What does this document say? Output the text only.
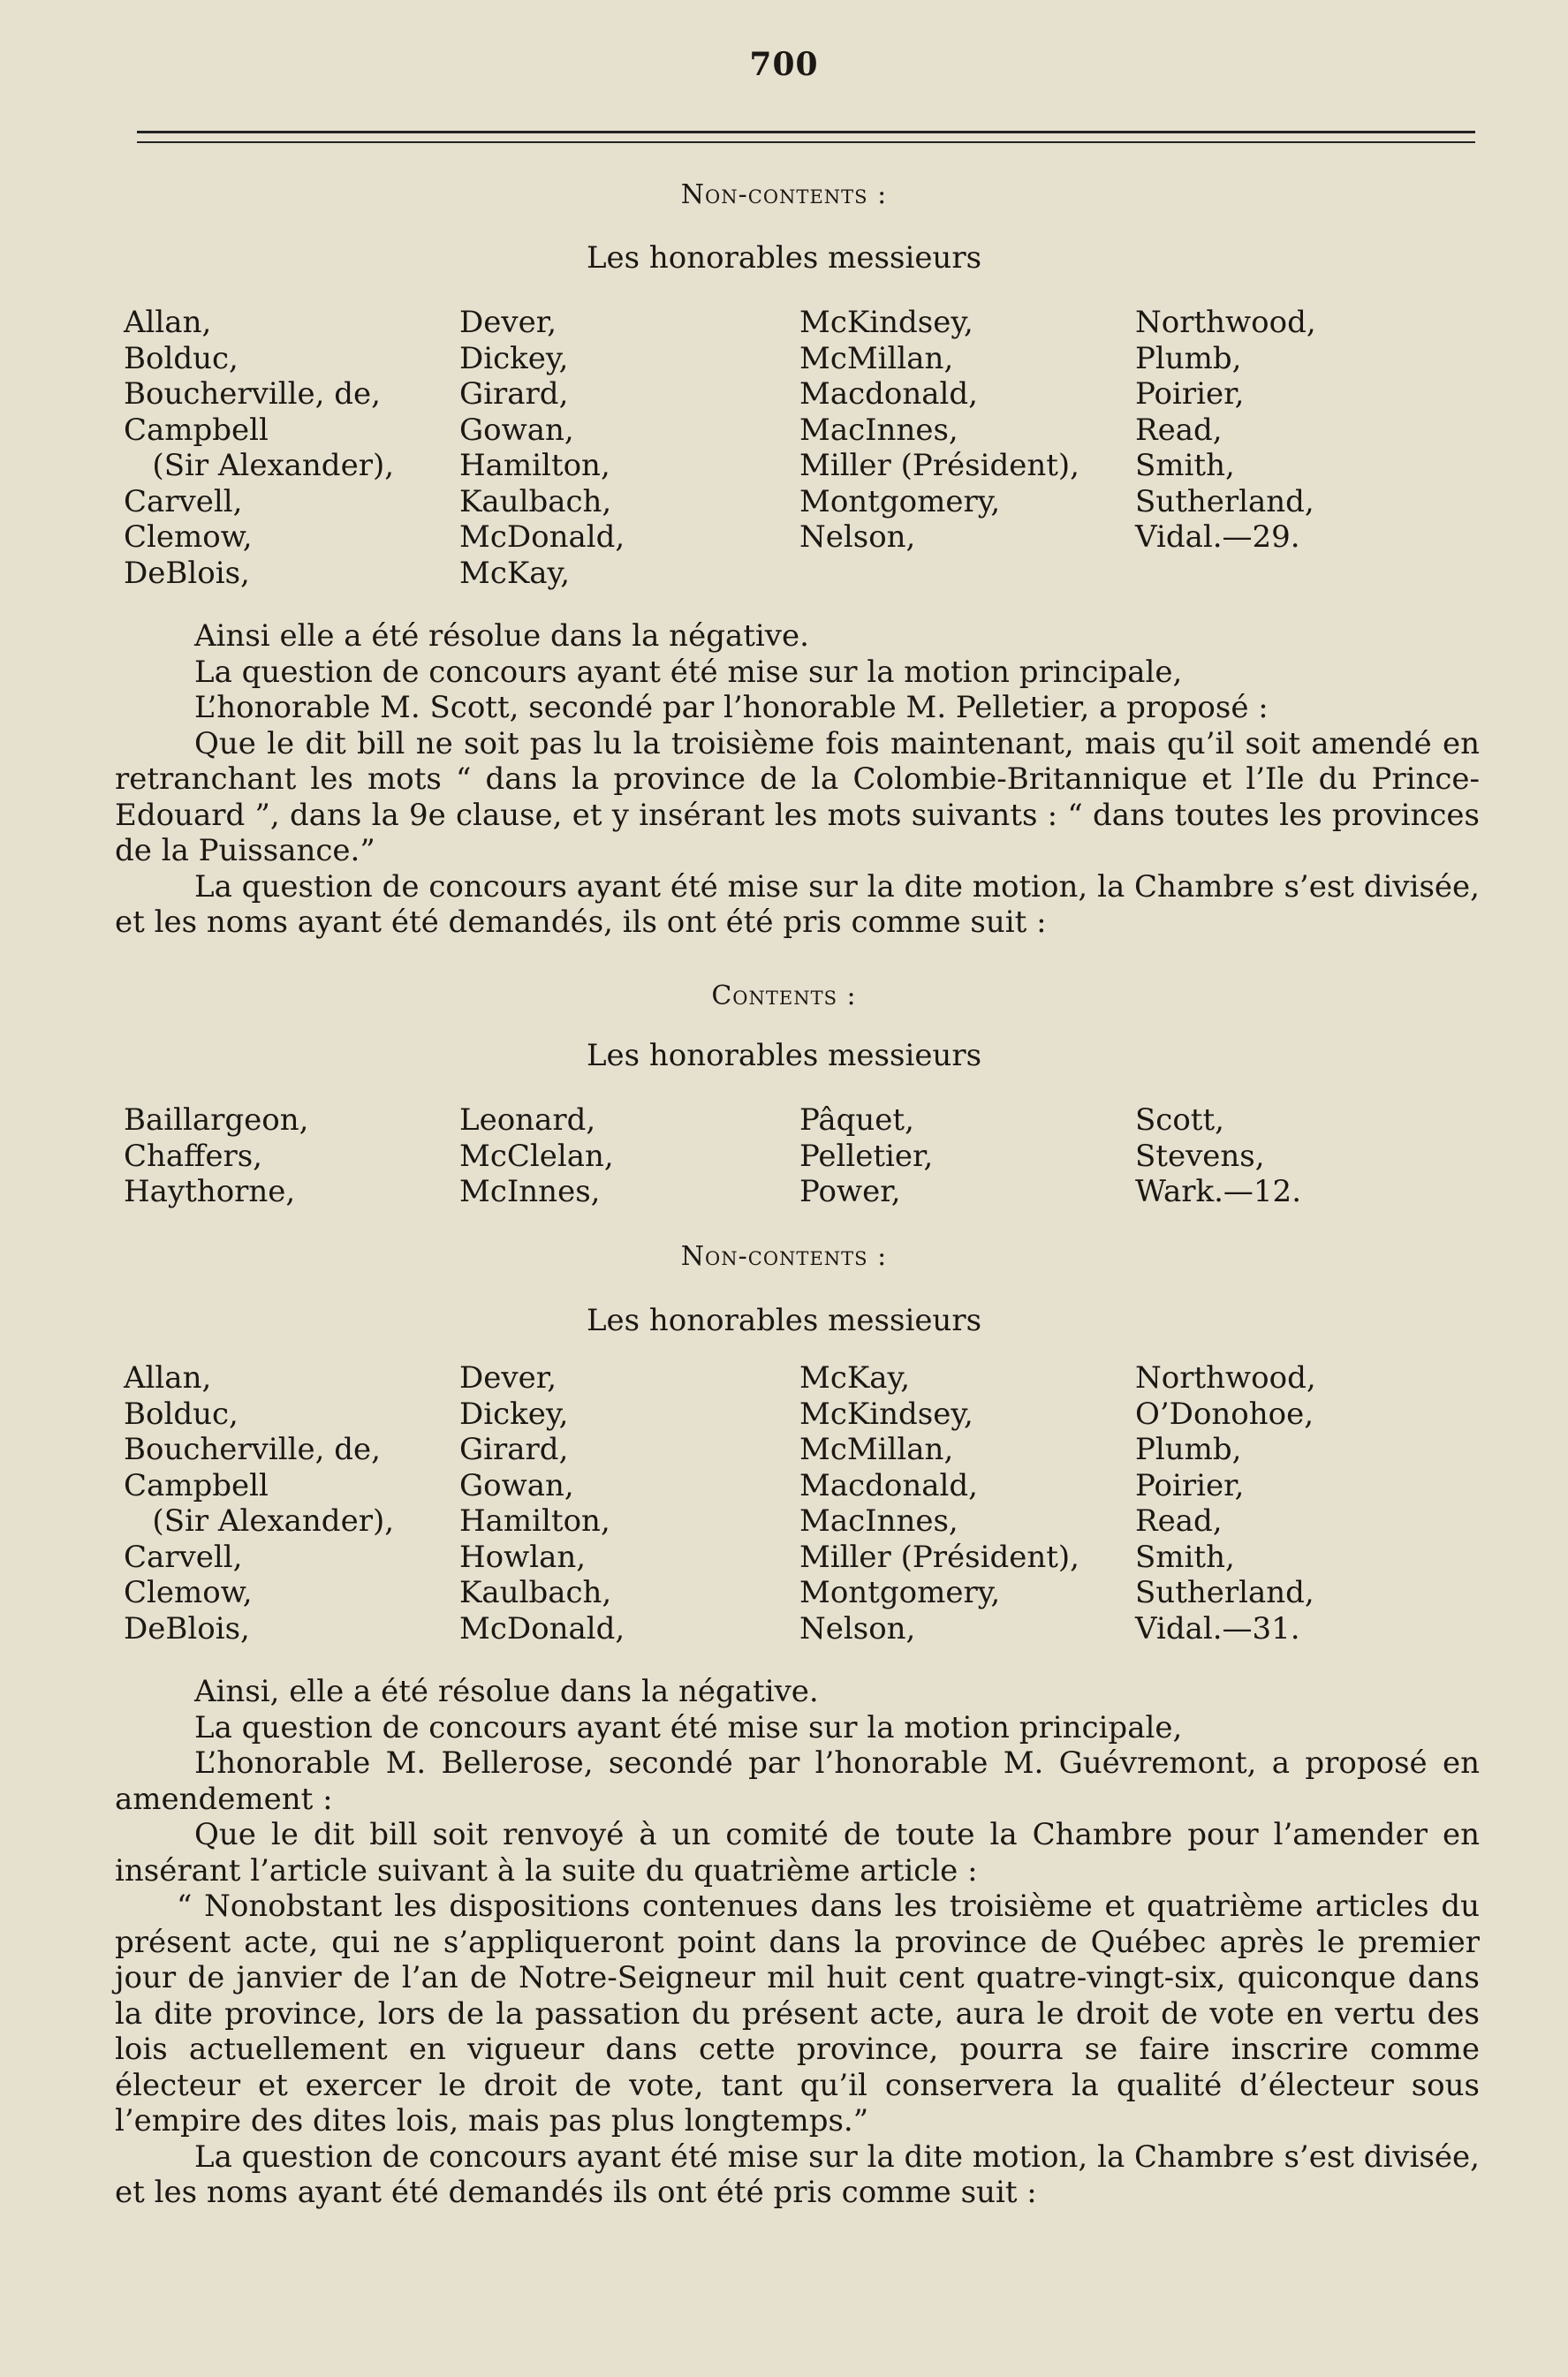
700
Non-contents :
Les honorables messieurs
Allan,
Bolduc,
Boucherville, de,
Campbell
(Sir Alexander),
Carvell,
Clemow,
DeBlois,
Dever,
Dickey,
Girard,
Gowan,
Hamilton,
Kaulbach,
McDonald,
McKay,
McKindsey,
McMillan,
Macdonald,
MacInnes,
Miller (Président),
Montgomery,
Nelson,
Northwood,
Plumb,
Poirier,
Read,
Smith,
Sutherland,
Vidal.—29.

Ainsi elle a été résolue dans la négative.

La question de concours ayant été mise sur la motion principale,

L’honorable M. Scott, secondé par l’honorable M. Pelletier, a proposé :

Que le dit bill ne soit pas lu la troisième fois maintenant, mais qu’il soit amendé en retranchant les mots “ dans la province de la Colombie-Britannique et l’Ile du Prince-Edouard ”, dans la 9e clause, et y insérant les mots suivants : “ dans toutes les provinces de la Puissance.”

La question de concours ayant été mise sur la dite motion, la Chambre s’est divisée, et les noms ayant été demandés, ils ont été pris comme suit :

Contents :
Les honorables messieurs
Baillargeon,
Chaffers,
Haythorne,
Leonard,
McClelan,
McInnes,
Pâquet,
Pelletier,
Power,
Scott,
Stevens,
Wark.—12.
Non-contents :
Les honorables messieurs
Allan,
Bolduc,
Boucherville, de,
Campbell
(Sir Alexander),
Carvell,
Clemow,
DeBlois,
Dever,
Dickey,
Girard,
Gowan,
Hamilton,
Howlan,
Kaulbach,
McDonald,
McKay,
McKindsey,
McMillan,
Macdonald,
MacInnes,
Miller (Président),
Montgomery,
Nelson,
Northwood,
O’Donohoe,
Plumb,
Poirier,
Read,
Smith,
Sutherland,
Vidal.—31.

Ainsi, elle a été résolue dans la négative.

La question de concours ayant été mise sur la motion principale,

L’honorable M. Bellerose, secondé par l’honorable M. Guévremont, a proposé en amendement :

Que le dit bill soit renvoyé à un comité de toute la Chambre pour l’amender en insérant l’article suivant à la suite du quatrième article :

“ Nonobstant les dispositions contenues dans les troisième et quatrième articles du présent acte, qui ne s’appliqueront point dans la province de Québec après le premier jour de janvier de l’an de Notre-Seigneur mil huit cent quatre-vingt-six, quiconque dans la dite province, lors de la passation du présent acte, aura le droit de vote en vertu des lois actuellement en vigueur dans cette province, pourra se faire inscrire comme électeur et exercer le droit de vote, tant qu’il conservera la qualité d’électeur sous l’empire des dites lois, mais pas plus longtemps.”

La question de concours ayant été mise sur la dite motion, la Chambre s’est divisée, et les noms ayant été demandés ils ont été pris comme suit :
